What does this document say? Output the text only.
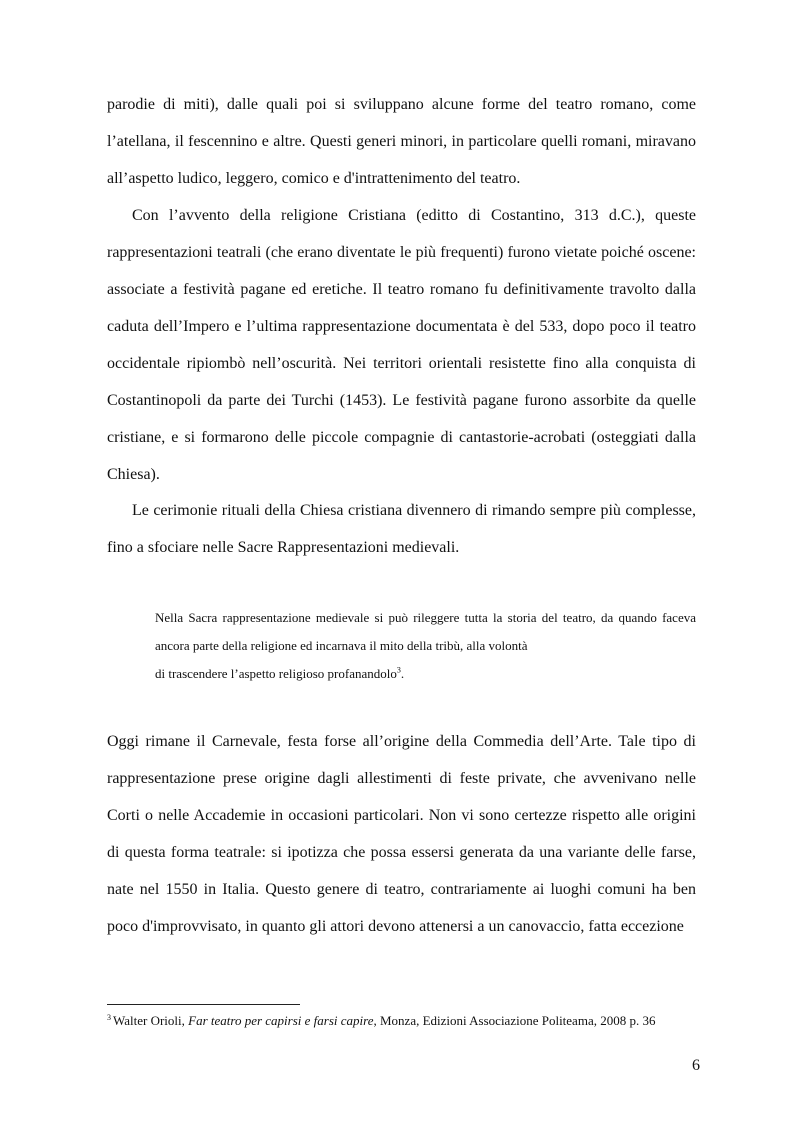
parodie di miti), dalle quali poi si sviluppano alcune forme del teatro romano, come l’atellana, il fescennino e altre. Questi generi minori, in particolare quelli romani, miravano all’aspetto ludico, leggero, comico e d'intrattenimento del teatro.

Con l’avvento della religione Cristiana (editto di Costantino, 313 d.C.), queste rappresentazioni teatrali (che erano diventate le più frequenti) furono vietate poiché oscene: associate a festività pagane ed eretiche. Il teatro romano fu definitivamente travolto dalla caduta dell’Impero e l’ultima rappresentazione documentata è del 533, dopo poco il teatro occidentale ripiombò nell’oscurità. Nei territori orientali resistette fino alla conquista di Costantinopoli da parte dei Turchi (1453). Le festività pagane furono assorbite da quelle cristiane, e si formarono delle piccole compagnie di cantastorie-acrobati (osteggiati dalla Chiesa).

Le cerimonie rituali della Chiesa cristiana divennero di rimando sempre più complesse, fino a sfociare nelle Sacre Rappresentazioni medievali.

Nella Sacra rappresentazione medievale si può rileggere tutta la storia del teatro, da quando faceva ancora parte della religione ed incarnava il mito della tribù, alla volontà
di trascendere l’aspetto religioso profanandolo$^3$.

Oggi rimane il Carnevale, festa forse all’origine della Commedia dell’Arte. Tale tipo di rappresentazione prese origine dagli allestimenti di feste private, che avvenivano nelle Corti o nelle Accademie in occasioni particolari. Non vi sono certezze rispetto alle origini di questa forma teatrale: si ipotizza che possa essersi generata da una variante delle farse, nate nel 1550 in Italia. Questo genere di teatro, contrariamente ai luoghi comuni ha ben poco d'improvvisato, in quanto gli attori devono attenersi a un canovaccio, fatta eccezione

$^3$ Walter Orioli, Far teatro per capirsi e farsi capire, Monza, Edizioni Associazione Politeama, 2008 p. 36

6
